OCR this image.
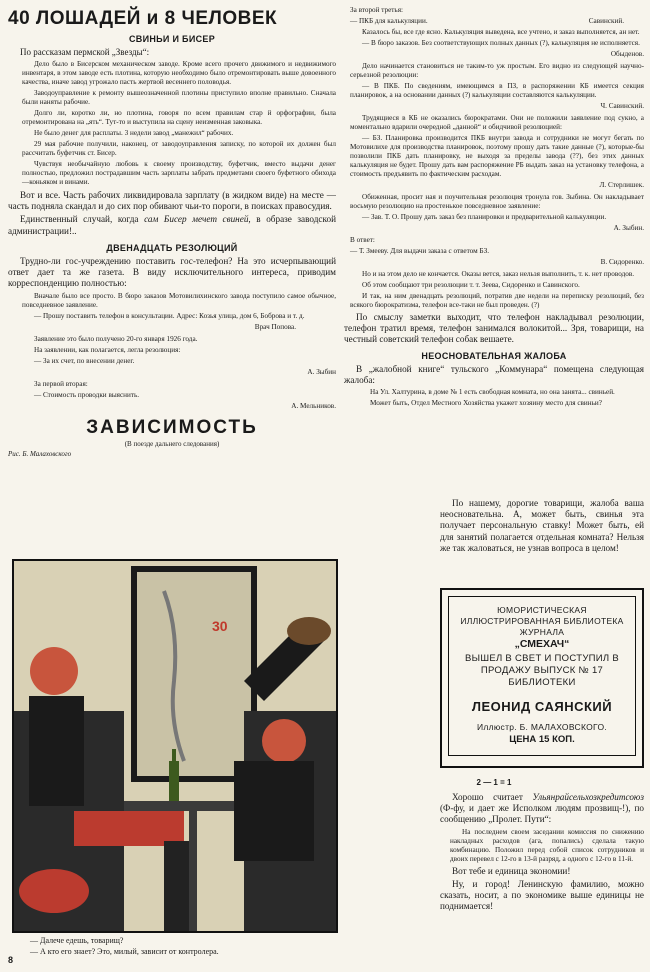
40 ЛОШАДЕЙ и 8 ЧЕЛОВЕК
СВИНЬИ И БИСЕР

По рассказам пермской „Звезды“:

Дело было в Бисерском механическом заводе. Кроме всего прочего движимого и недвижимого инвентаря, в этом заводе есть плотина, которую необходимо было отремонтировать выше довоенного качества, иначе завод угрожало пасть жертвой весеннего половодья.

Заводоуправление к ремонту вышеозначенной плотины приступило вполне правильно. Сначала были наняты рабочие.

Долго ли, коротко ли, но плотина, говоря по всем правилам стар й орфографии, была отремонтирована на „ять“. Тут-то и выступила на сцену неизменная заковыка.

Не было денег для расплаты. 3 недели завод „манежил“ рабочих.

29 мая рабочие получили, наконец, от заводоуправления записку, по которой их должен был рассчитать буфетчик ст. Бисер.

Чувствуя необычайную любовь к своему производству, буфетчик, вместо выдачи денег полностью, предложил пострадавшим часть зарплаты забрать предметами своего буфетного обихода—коньяком и винами.

Вот и все. Часть рабочих ликвидировала зарплату (в жидком виде) на месте — часть подняла скандал и до сих пор обивают чьи-то пороги, в поисках правосудия.

Единственный случай, когда сам Бисер мечет свиней, в образе заводской администрации!..

ДВЕНАДЦАТЬ РЕЗОЛЮЦИЙ

Трудно-ли гос-учреждению поставить гос-телефон? На это исчерпывающий ответ дает та же газета. В виду исключительного интереса, приводим корреспонденцию полностью:

Вначале было все просто. В бюро заказов Мотовилихинского завода поступило самое обычное, повседневное заявление.

— Прошу поставить телефон в консультации. Адрес: Козья улица, дом 6, Боброва и т. д.

Врач Попова.

Заявление это было получено 20-го января 1926 года.

На заявлении, как полагается, легла резолюция:

— За их счет, по внесении денег.

А. Зыбин

За первой вторая:

— Стоимость проводки выяснить.

А. Мельников.
ЗАВИСИМОСТЬ
(В поезде дальнего следования)
Рис. Б. Малаховского
30
— Далече едешь, товарищ?
— А кто его знает? Это, милый, зависит от контролера.

За второй третья:

— ПКБ для калькуляции.	Савинский.

Казалось бы, все где ясно. Калькуляция выведена, все учтено, и заказ выполняется, ан нет.

— В бюро заказов. Без соответствующих полных данных (?), калькуляция не исполняется.

Обыденов.

Дело начинается становиться не таким-то уж простым. Его видно из следующей научно-серьезной резолюции:

— В ПКБ. По сведениям, имеющимся в ПЗ, в распоряжении КБ имеется секция планировок, а на основании данных (?) калькуляции составляются калькуляции.

Ч. Савинский.

Трудящиеся в КБ не оказались бюрократами. Они не положили заявление под сукно, а моментально вдарили очередной „данной“ и обидчивой резолюцией:

— БЗ. Планировка производится ПКБ внутри завода и сотрудники не могут бегать по Мотовилихе для производства планировок, поэтому прошу дать такие данные (?), которые-бы позволили ПКБ дать планировку, не выходя за пределы завода (??), без этих данных калькуляция не будет. Прошу дать вам распоряжение РБ выдать заказ на установку телефона, а стоимость предъявить по фактическим расходам.

Л. Стерлишек.

Обиженная, просит ная и поучительная резолюция тронула гов. Зыбина. Он накладывает восьмую резолюцию на простенькое повседневное заявление:

— Зав. Т. О. Прошу дать заказ без планировки и предварительной калькуляции.

А. Зыбин.

В ответ:

— Т. Змееву. Для выдачи заказа с ответом БЗ.

В. Сидоренко.

Но и на этом дело не кончается. Оказы вется, заказ нельзя выполнить, т. к. нет проводов.

Об этом сообщают три резолюции т. т. Зеева, Сидоренко и Савинского.

И так, на ним двенадцать резолюций, потратив две недели на переписку резолюций, без всякого бюрократизма, телефон все-таки не был проведен. (?)

По смыслу заметки выходит, что телефон накладывал резолюции, телефон тратил время, телефон занимался волокитой... Зря, товарищи, на честный советский телефон собак вешаете.

НЕОСНОВАТЕЛЬНАЯ ЖАЛОБА

В „жалобной книге“ тульского „Коммунара“ помещена следующая жалоба:

На Ул. Халтурина, в доме № 1 есть свободная комната, но она занята... свиньей.

Может быть, Отдел Местного Хозяйства укажет хозяину место для свиньи?

По нашему, дорогие товарищи, жалоба ваша неосновательна. А, может быть, свинья эта получает персональную ставку! Может быть, ей для занятий полагается отдельная комната? Нельзя же так жаловаться, не узнав вопроса в целом!

ЮМОРИСТИЧЕСКАЯ ИЛЛЮСТРИРОВАННАЯ БИБЛИОТЕКА ЖУРНАЛА
„СМЕХАЧ“
ВЫШЕЛ В СВЕТ И ПОСТУПИЛ В ПРОДАЖУ ВЫПУСК № 17 БИБЛИОТЕКИ
ЛЕОНИД САЯНСКИЙ
Иллюстр. Б. МАЛАХОВСКОГО.
ЦЕНА 15 КОП.
2 — 1 = 1

Хорошо считает Ульянрайсельхозкредитсоюз (Ф-фу, и дает же Исполком людям прозвищ-!), по сообщению „Пролет. Пути“:

На последнем своем заседании комиссия по снижению накладных расходов (ага, попались) сделала такую комбинацию. Положил перед собой список сотрудников и двоих перевел с 12-го в 13-й разряд, а одного с 12-го в 11-й.

Вот тебе и единица экономии!

Ну, и город! Ленинскую фамилию, можно сказать, носит, а по экономике выше единицы не поднимается!

8
